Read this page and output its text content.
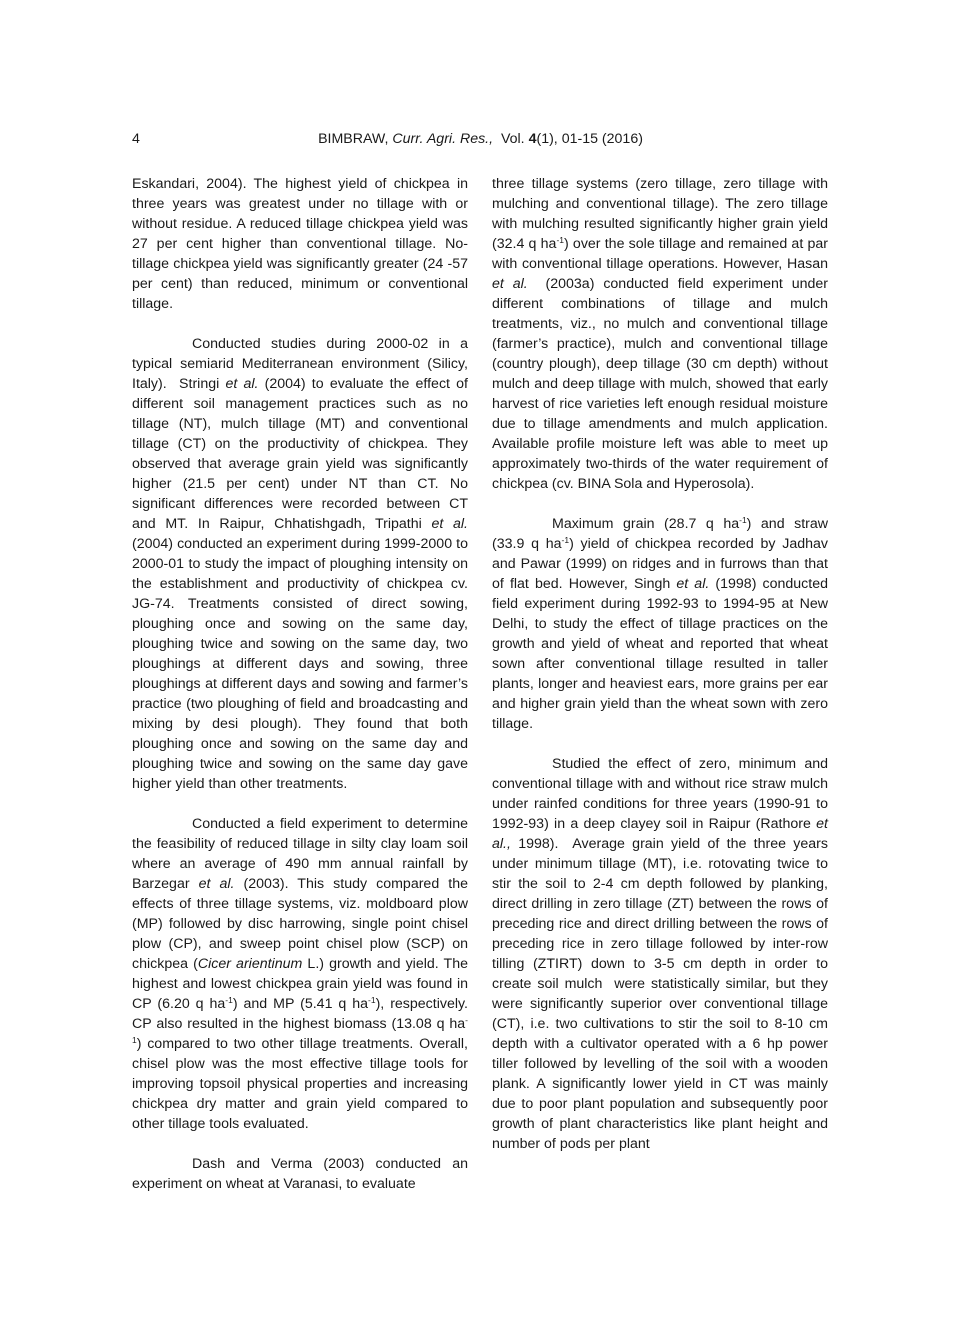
4	BIMBRAW, Curr. Agri. Res.,  Vol. 4(1), 01-15 (2016)

Eskandari, 2004). The highest yield of chickpea in three years was greatest under no tillage with or without residue. A reduced tillage chickpea yield was 27 per cent higher than conventional tillage. No-tillage chickpea yield was significantly greater (24 -57 per cent) than reduced, minimum or conventional tillage.

Conducted studies during 2000-02 in a typical semiarid Mediterranean environment (Silicy, Italy).  Stringi et al. (2004) to evaluate the effect of different soil management practices such as no tillage (NT), mulch tillage (MT) and conventional tillage (CT) on the productivity of chickpea. They observed that average grain yield was significantly higher (21.5 per cent) under NT than CT. No significant differences were recorded between CT and MT. In Raipur, Chhatishgadh, Tripathi et al. (2004) conducted an experiment during 1999-2000 to 2000-01 to study the impact of ploughing intensity on the establishment and productivity of chickpea cv. JG-74. Treatments consisted of direct sowing, ploughing once and sowing on the same day, ploughing twice and sowing on the same day, two ploughings at different days and sowing, three ploughings at different days and sowing and farmer’s practice (two ploughing of field and broadcasting and mixing by desi plough). They found that both ploughing once and sowing on the same day and ploughing twice and sowing on the same day gave higher yield than other treatments.

Conducted a field experiment to determine the feasibility of reduced tillage in silty clay loam soil where an average of 490 mm annual rainfall by Barzegar et al. (2003). This study compared the effects of three tillage systems, viz. moldboard plow (MP) followed by disc harrowing, single point chisel plow (CP), and sweep point chisel plow (SCP) on chickpea (Cicer arientinum L.) growth and yield. The highest and lowest chickpea grain yield was found in CP (6.20 q $ha^{-1}$) and MP (5.41 q $ha^{-1}$), respectively. CP also resulted in the highest biomass (13.08 q $ha^{-1}$) compared to two other tillage treatments. Overall, chisel plow was the most effective tillage tools for improving topsoil physical properties and increasing chickpea dry matter and grain yield compared to other tillage tools evaluated.

Dash and Verma (2003) conducted an experiment on wheat at Varanasi, to evaluate

three tillage systems (zero tillage, zero tillage with mulching and conventional tillage). The zero tillage with mulching resulted significantly higher grain yield (32.4 q $ha^{-1}$) over the sole tillage and remained at par with conventional tillage operations. However, Hasan et al.  (2003a) conducted field experiment under different combinations of tillage and mulch treatments, viz., no mulch and conventional tillage (farmer’s practice), mulch and conventional tillage (country plough), deep tillage (30 cm depth) without mulch and deep tillage with mulch, showed that early harvest of rice varieties left enough residual moisture due to tillage amendments and mulch application. Available profile moisture left was able to meet up approximately two-thirds of the water requirement of chickpea (cv. BINA Sola and Hyperosola).

Maximum grain (28.7 q $ha^{-1}$) and straw (33.9 q $ha^{-1}$) yield of chickpea recorded by Jadhav and Pawar (1999) on ridges and in furrows than that of flat bed. However, Singh et al. (1998) conducted field experiment during 1992-93 to 1994-95 at New Delhi, to study the effect of tillage practices on the growth and yield of wheat and reported that wheat sown after conventional tillage resulted in taller plants, longer and heaviest ears, more grains per ear and higher grain yield than the wheat sown with zero tillage.

Studied the effect of zero, minimum and conventional tillage with and without rice straw mulch under rainfed conditions for three years (1990-91 to 1992-93) in a deep clayey soil in Raipur (Rathore et al., 1998).  Average grain yield of the three years under minimum tillage (MT), i.e. rotovating twice to stir the soil to 2-4 cm depth followed by planking, direct drilling in zero tillage (ZT) between the rows of preceding rice and direct drilling between the rows of preceding rice in zero tillage followed by inter-row tilling (ZTIRT) down to 3-5 cm depth in order to create soil mulch  were statistically similar, but they were significantly superior over conventional tillage (CT), i.e. two cultivations to stir the soil to 8-10 cm depth with a cultivator operated with a 6 hp power tiller followed by levelling of the soil with a wooden plank. A significantly lower yield in CT was mainly due to poor plant population and subsequently poor growth of plant characteristics like plant height and number of pods per plant
